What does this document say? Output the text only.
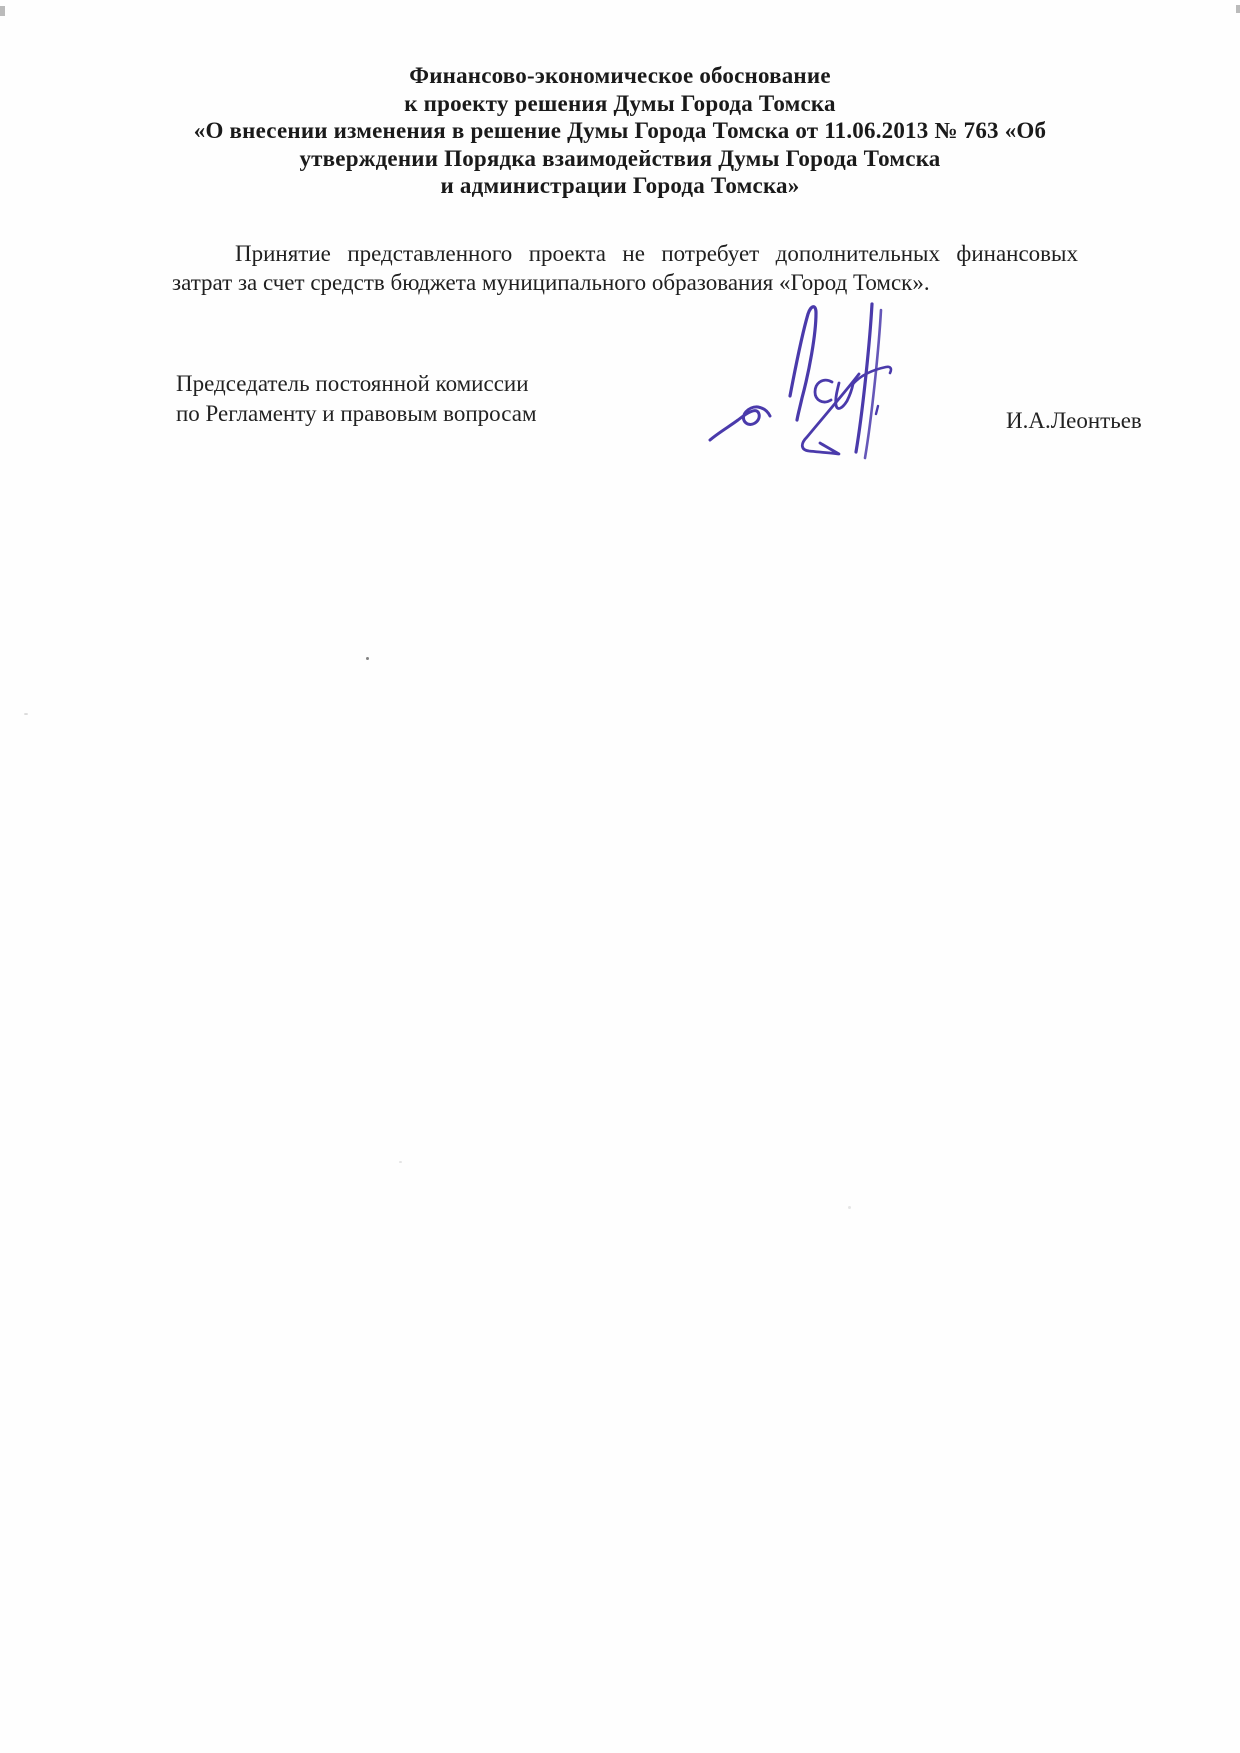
Финансово-экономическое обоснование
к проекту решения Думы Города Томска
«О внесении изменения в решение Думы Города Томска от 11.06.2013 № 763 «Об
утверждении Порядка взаимодействия Думы Города Томска
и администрации Города Томска»

Принятие представленного проекта не потребует дополнительных финансовых затрат за счет средств бюджета муниципального образования «Город Томск».

Председатель постоянной комиссии
по Регламенту и правовым вопросам	И.А.Леонтьев
